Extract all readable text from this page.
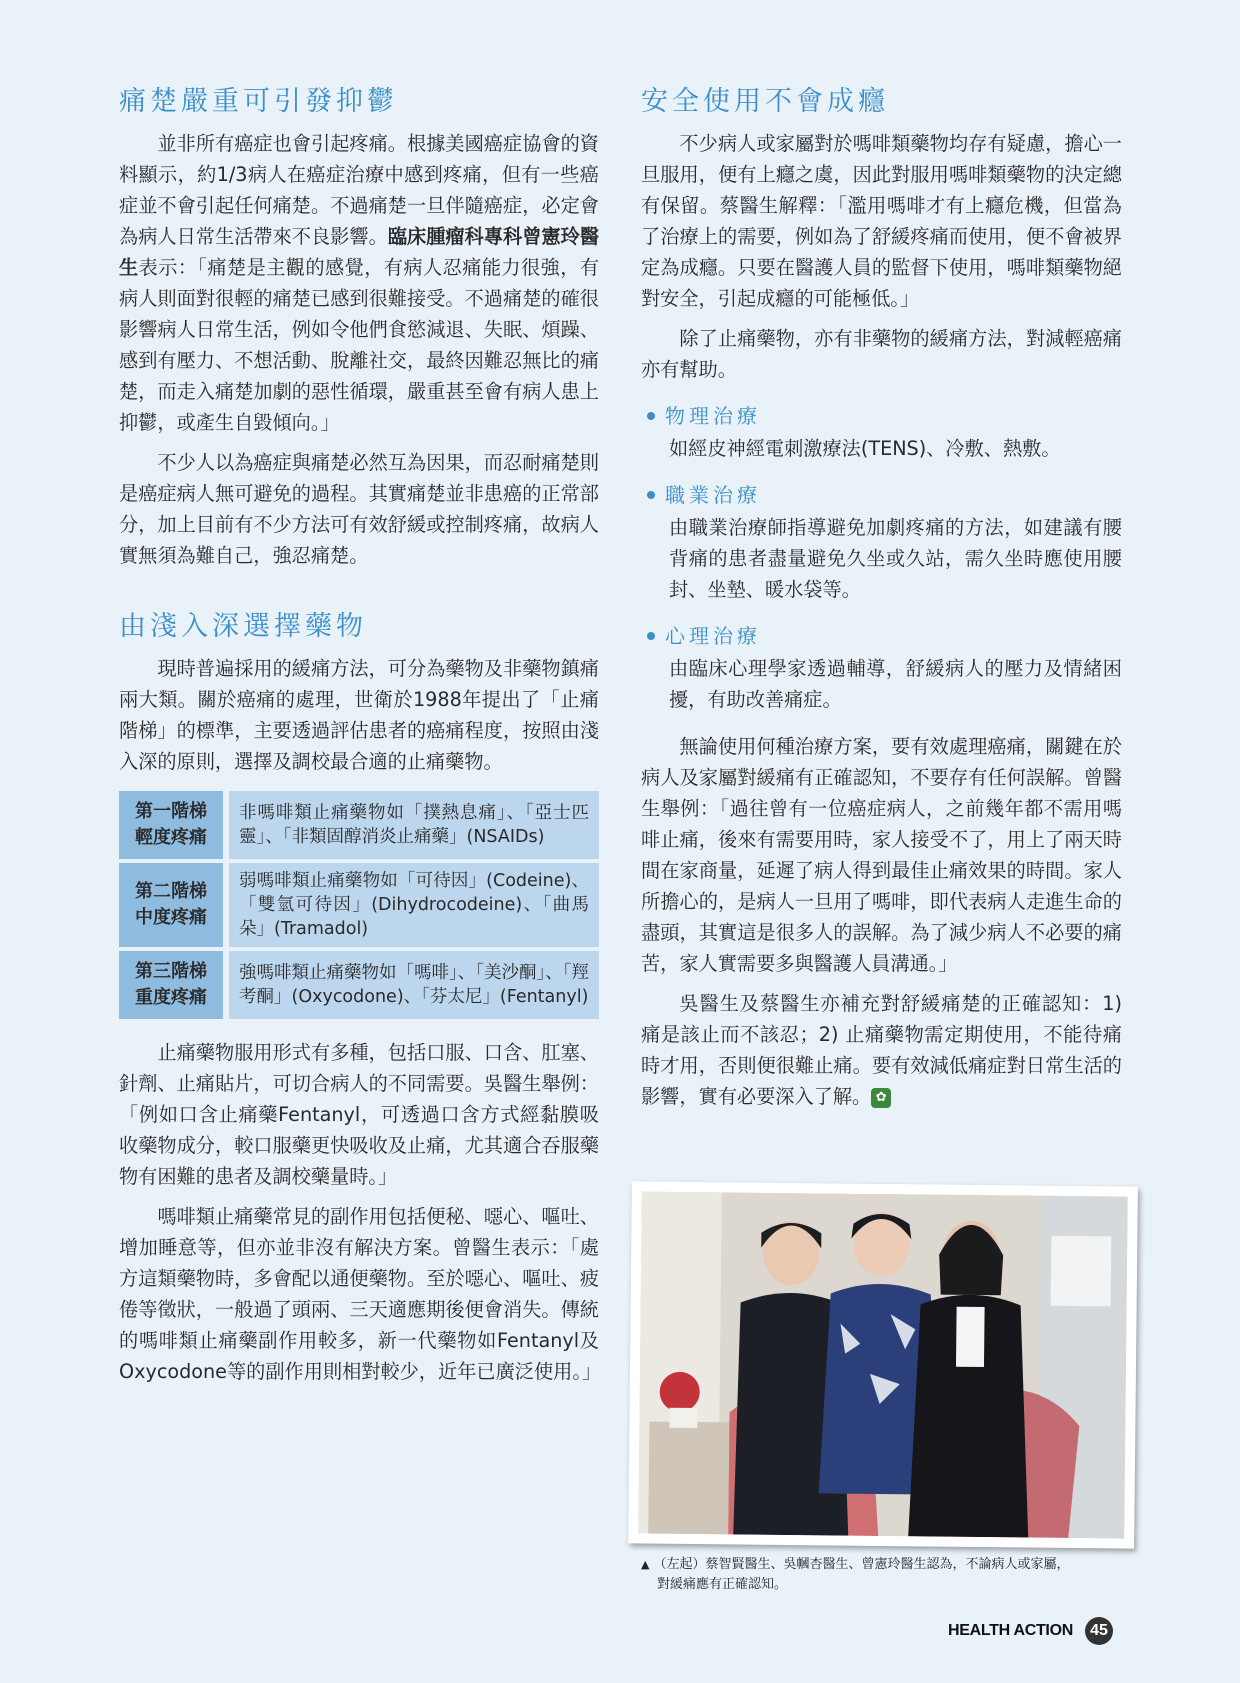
痛楚嚴重可引發抑鬱

並非所有癌症也會引起疼痛。根據美國癌症協會的資料顯示，約1/3病人在癌症治療中感到疼痛，但有一些癌症並不會引起任何痛楚。不過痛楚一旦伴隨癌症，必定會為病人日常生活帶來不良影響。臨床腫瘤科專科曾憲玲醫生表示：「痛楚是主觀的感覺，有病人忍痛能力很強，有病人則面對很輕的痛楚已感到很難接受。不過痛楚的確很影響病人日常生活，例如令他們食慾減退、失眠、煩躁、感到有壓力、不想活動、脫離社交，最終因難忍無比的痛楚，而走入痛楚加劇的惡性循環，嚴重甚至會有病人患上抑鬱，或產生自毀傾向。」

不少人以為癌症與痛楚必然互為因果，而忍耐痛楚則是癌症病人無可避免的過程。其實痛楚並非患癌的正常部分，加上目前有不少方法可有效舒緩或控制疼痛，故病人實無須為難自己，強忍痛楚。

由淺入深選擇藥物

現時普遍採用的緩痛方法，可分為藥物及非藥物鎮痛兩大類。關於癌痛的處理，世衛於1988年提出了「止痛階梯」的標準，主要透過評估患者的癌痛程度，按照由淺入深的原則，選擇及調校最合適的止痛藥物。

第一階梯
輕度疼痛	非嗎啡類止痛藥物如「撲熱息痛」、「亞士匹靈」、「非類固醇消炎止痛藥」(NSAIDs)
第二階梯
中度疼痛	弱嗎啡類止痛藥物如「可待因」(Codeine)、「雙氫可待因」(Dihydrocodeine)、「曲馬朵」(Tramadol)
第三階梯
重度疼痛	強嗎啡類止痛藥物如「嗎啡」、「美沙酮」、「羥考酮」(Oxycodone)、「芬太尼」(Fentanyl)

止痛藥物服用形式有多種，包括口服、口含、肛塞、針劑、止痛貼片，可切合病人的不同需要。吳醫生舉例：「例如口含止痛藥Fentanyl，可透過口含方式經黏膜吸收藥物成分，較口服藥更快吸收及止痛，尤其適合吞服藥物有困難的患者及調校藥量時。」

嗎啡類止痛藥常見的副作用包括便秘、噁心、嘔吐、增加睡意等，但亦並非沒有解決方案。曾醫生表示：「處方這類藥物時，多會配以通便藥物。至於噁心、嘔吐、疲倦等徵狀，一般過了頭兩、三天適應期後便會消失。傳統的嗎啡類止痛藥副作用較多，新一代藥物如Fentanyl及Oxycodone等的副作用則相對較少，近年已廣泛使用。」

安全使用不會成癮

不少病人或家屬對於嗎啡類藥物均存有疑慮，擔心一旦服用，便有上癮之虞，因此對服用嗎啡類藥物的決定總有保留。蔡醫生解釋：「濫用嗎啡才有上癮危機，但當為了治療上的需要，例如為了舒緩疼痛而使用，便不會被界定為成癮。只要在醫護人員的監督下使用，嗎啡類藥物絕對安全，引起成癮的可能極低。」

除了止痛藥物，亦有非藥物的緩痛方法，對減輕癌痛亦有幫助。

物理治療
如經皮神經電刺激療法(TENS)、冷敷、熱敷。
職業治療
由職業治療師指導避免加劇疼痛的方法，如建議有腰背痛的患者盡量避免久坐或久站，需久坐時應使用腰封、坐墊、暖水袋等。
心理治療
由臨床心理學家透過輔導，舒緩病人的壓力及情緒困擾，有助改善痛症。

無論使用何種治療方案，要有效處理癌痛，關鍵在於病人及家屬對緩痛有正確認知，不要存有任何誤解。曾醫生舉例：「過往曾有一位癌症病人，之前幾年都不需用嗎啡止痛，後來有需要用時，家人接受不了，用上了兩天時間在家商量，延遲了病人得到最佳止痛效果的時間。家人所擔心的，是病人一旦用了嗎啡，即代表病人走進生命的盡頭，其實這是很多人的誤解。為了減少病人不必要的痛苦，家人實需要多與醫護人員溝通。」

吳醫生及蔡醫生亦補充對舒緩痛楚的正確認知：1) 痛是該止而不該忍；2) 止痛藥物需定期使用，不能待痛時才用，否則便很難止痛。要有效減低痛症對日常生活的影響，實有必要深入了解。 ✿

▲ （左起）蔡智賢醫生、吳幗杏醫生、曾憲玲醫生認為，不論病人或家屬，
對緩痛應有正確認知。
HEALTH ACTION	45
